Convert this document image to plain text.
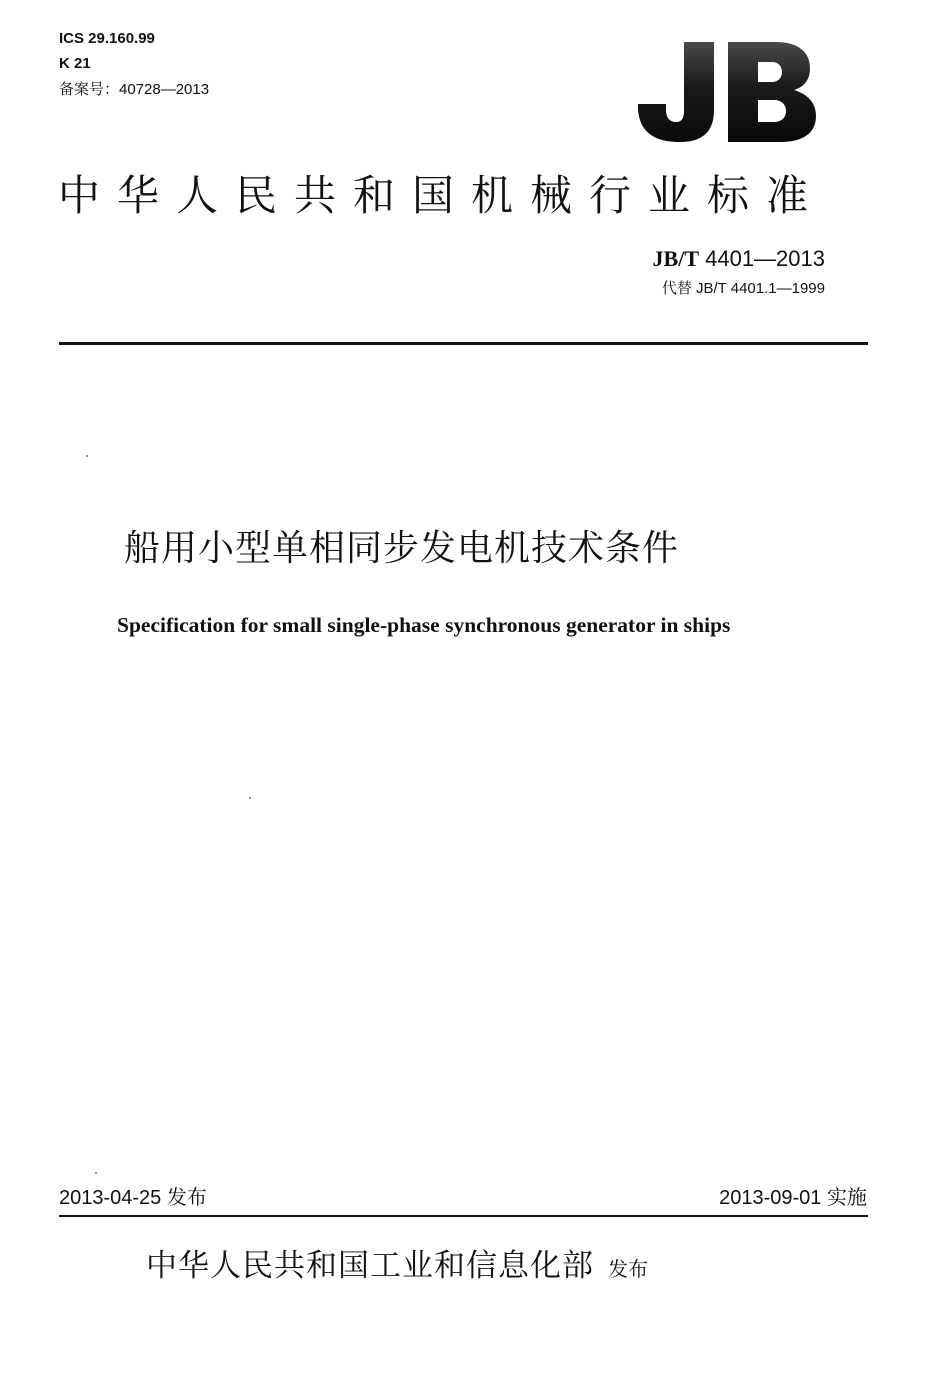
ICS 29.160.99
K 21
备案号：40728—2013
中华人民共和国机械行业标准
JB/T 4401—2013
代替 JB/T 4401.1—1999
船用小型单相同步发电机技术条件
Specification for small single-phase synchronous generator in ships
2013-04-25 发布	2013-09-01 实施
中华人民共和国工业和信息化部 发布
